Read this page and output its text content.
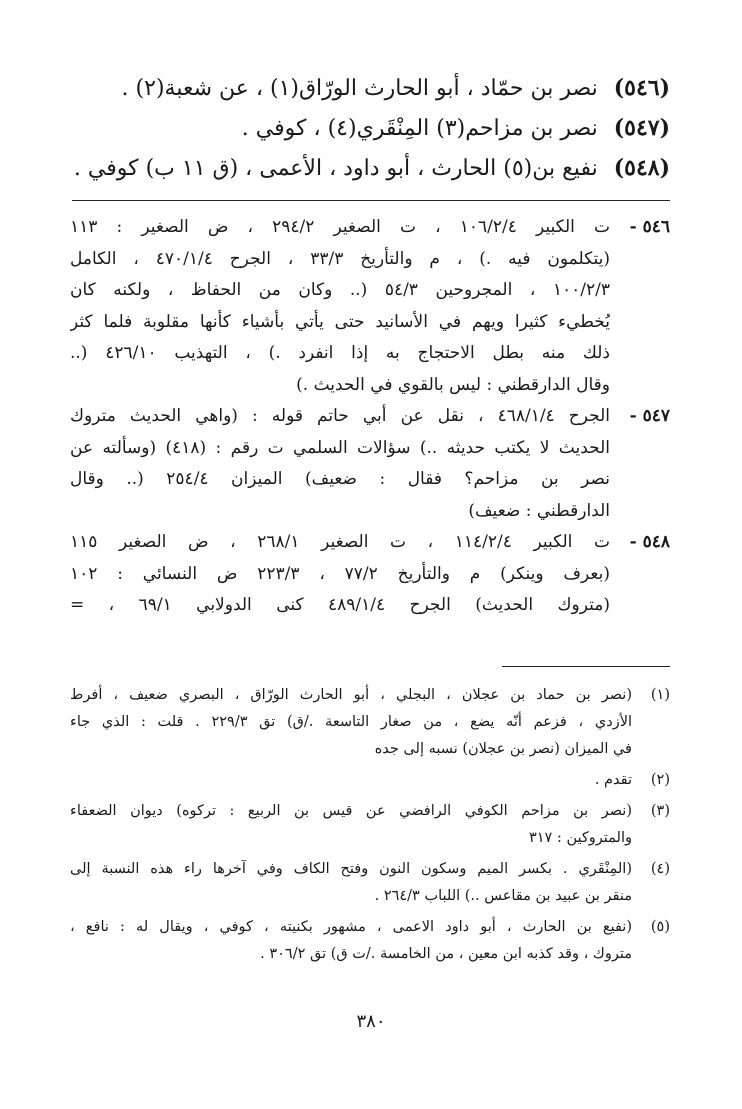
(٥٤٦)
نصر بن حمّاد ، أبو الحارث الورّاق(١) ، عن شعبة(٢) .
(٥٤٧)
نصر بن مزاحم(٣) المِنْقَري(٤) ، كوفي .
(٥٤٨)
نفيع بن(٥) الحارث ، أبو داود ، الأعمى ، (ق ١١ ب) كوفي .
٥٤٦ -
ت الكبير ١٠٦/٢/٤ ، ت الصغير ٢٩٤/٢ ، ض الصغير : ١١٣
(يتكلمون فيه .) ، م والتأريخ ٣٣/٣ ، الجرح ٤٧٠/١/٤ ، الكامل
١٠٠/٢/٣ ، المجروحين ٥٤/٣ (.. وكان من الحفاظ ، ولكنه كان
يُخطيء كثيرا ويهم في الأسانيد حتى يأتي بأشياء كأنها مقلوبة فلما كثر
ذلك منه بطل الاحتجاج به إذا انفرد .) ، التهذيب ٤٢٦/١٠ (..
وقال الدارقطني : ليس بالقوي في الحديث .)
٥٤٧ -
الجرح ٤٦٨/١/٤ ، نقل عن أبي حاتم قوله : (واهي الحديث متروك
الحديث لا يكتب حديثه ..) سؤالات السلمي ت رقم : (٤١٨) (وسألته عن
نصر بن مزاحم؟ فقال : ضعيف) الميزان ٢٥٤/٤ (.. وقال
الدارقطني : ضعيف)
٥٤٨ -
ت الكبير ١١٤/٢/٤ ، ت الصغير ٢٦٨/١ ، ض الصغير ١١٥
(بعرف وينكر) م والتأريخ ٧٧/٢ ، ٢٢٣/٣ ض النسائي : ١٠٢
(متروك الحديث) الجرح ٤٨٩/١/٤ كنى الدولابي ٦٩/١ ، =
(١)
(نصر بن حماد بن عجلان ، البجلي ، أبو الحارث الورّاق ، البصري ضعيف ، أفرط
الأزدي ، فزعم أنّه يضع ، من صغار التاسعة ./ق) تق ٢٢٩/٣ . قلت : الذي جاء
في الميزان (نصر بن عجلان) نسبه إلى جده
(٢)
تقدم .
(٣)
(نصر بن مزاحم الكوفي الرافضي عن قيس بن الربيع : تركوه) ديوان الضعفاء
والمتروكين : ٣١٧
(٤)
(المِنْقَري . بكسر الميم وسكون النون وفتح الكاف وفي آخرها راء هذه النسبة إلى
منقر بن عبيد بن مقاعس ..) اللباب ٢٦٤/٣ .
(٥)
(نفيع بن الحارث ، أبو داود الاعمى ، مشهور بكنيته ، كوفي ، ويقال له : نافع ،
متروك ، وقد كذبه ابن معين ، من الخامسة ./ت ق) تق ٣٠٦/٢ .
٣٨٠
